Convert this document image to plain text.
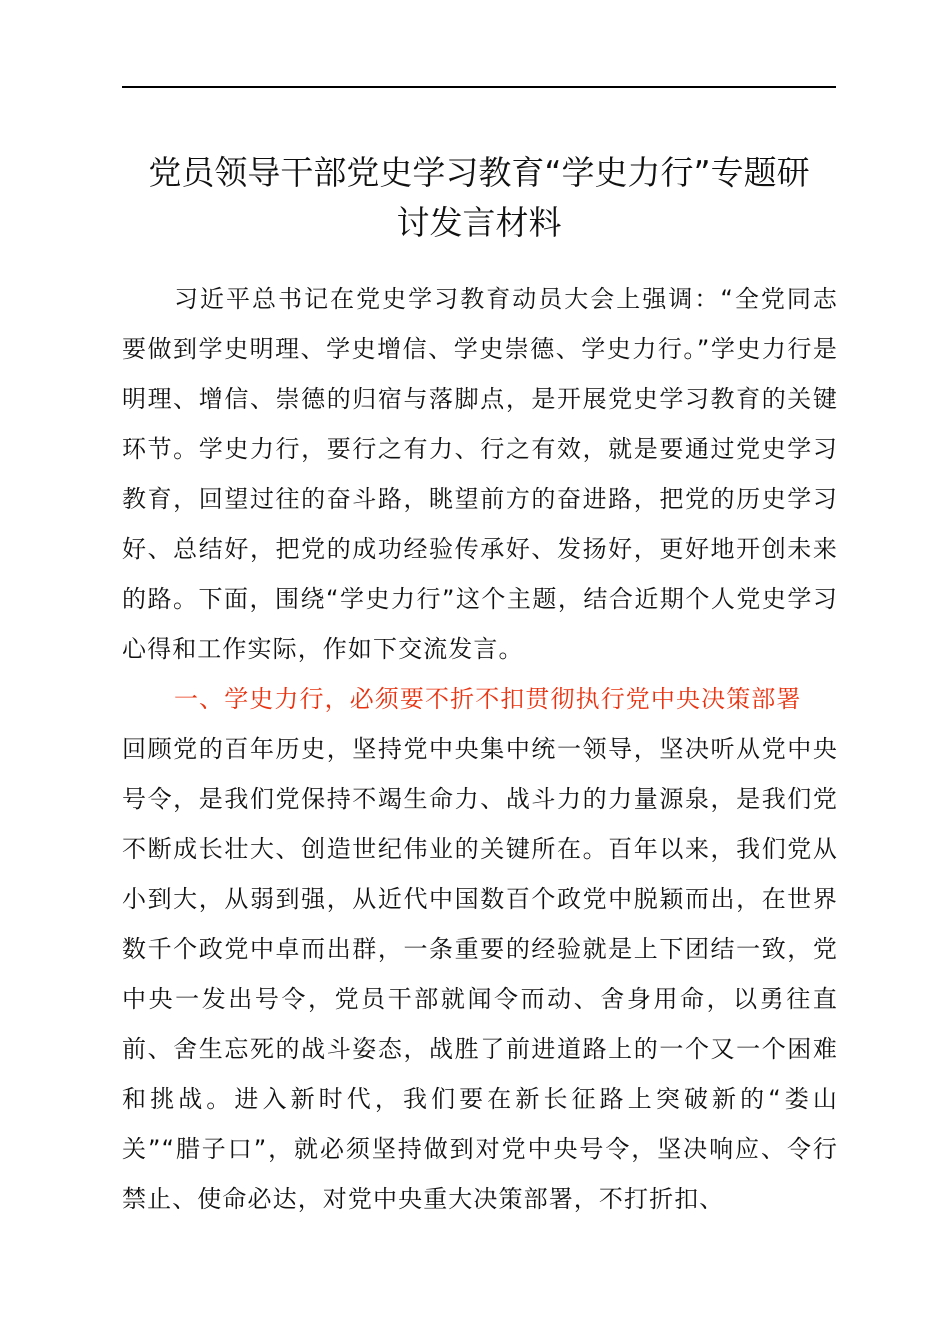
党员领导干部党史学习教育“学史力行”专题研
讨发言材料

习近平总书记在党史学习教育动员大会上强调：“全党同志要做到学史明理、学史增信、学史崇德、学史力行。”学史力行是明理、增信、崇德的归宿与落脚点，是开展党史学习教育的关键环节。学史力行，要行之有力、行之有效，就是要通过党史学习教育，回望过往的奋斗路，眺望前方的奋进路，把党的历史学习好、总结好，把党的成功经验传承好、发扬好，更好地开创未来的路。下面，围绕“学史力行”这个主题，结合近期个人党史学习心得和工作实际，作如下交流发言。

一、学史力行，必须要不折不扣贯彻执行党中央决策部署

回顾党的百年历史，坚持党中央集中统一领导，坚决听从党中央号令，是我们党保持不竭生命力、战斗力的力量源泉，是我们党不断成长壮大、创造世纪伟业的关键所在。百年以来，我们党从小到大，从弱到强，从近代中国数百个政党中脱颖而出，在世界数千个政党中卓而出群，一条重要的经验就是上下团结一致，党中央一发出号令，党员干部就闻令而动、舍身用命，以勇往直前、舍生忘死的战斗姿态，战胜了前进道路上的一个又一个困难和挑战。进入新时代，我们要在新长征路上突破新的“娄山关”“腊子口”，就必须坚持做到对党中央号令，坚决响应、令行禁止、使命必达，对党中央重大决策部署，不打折扣、
